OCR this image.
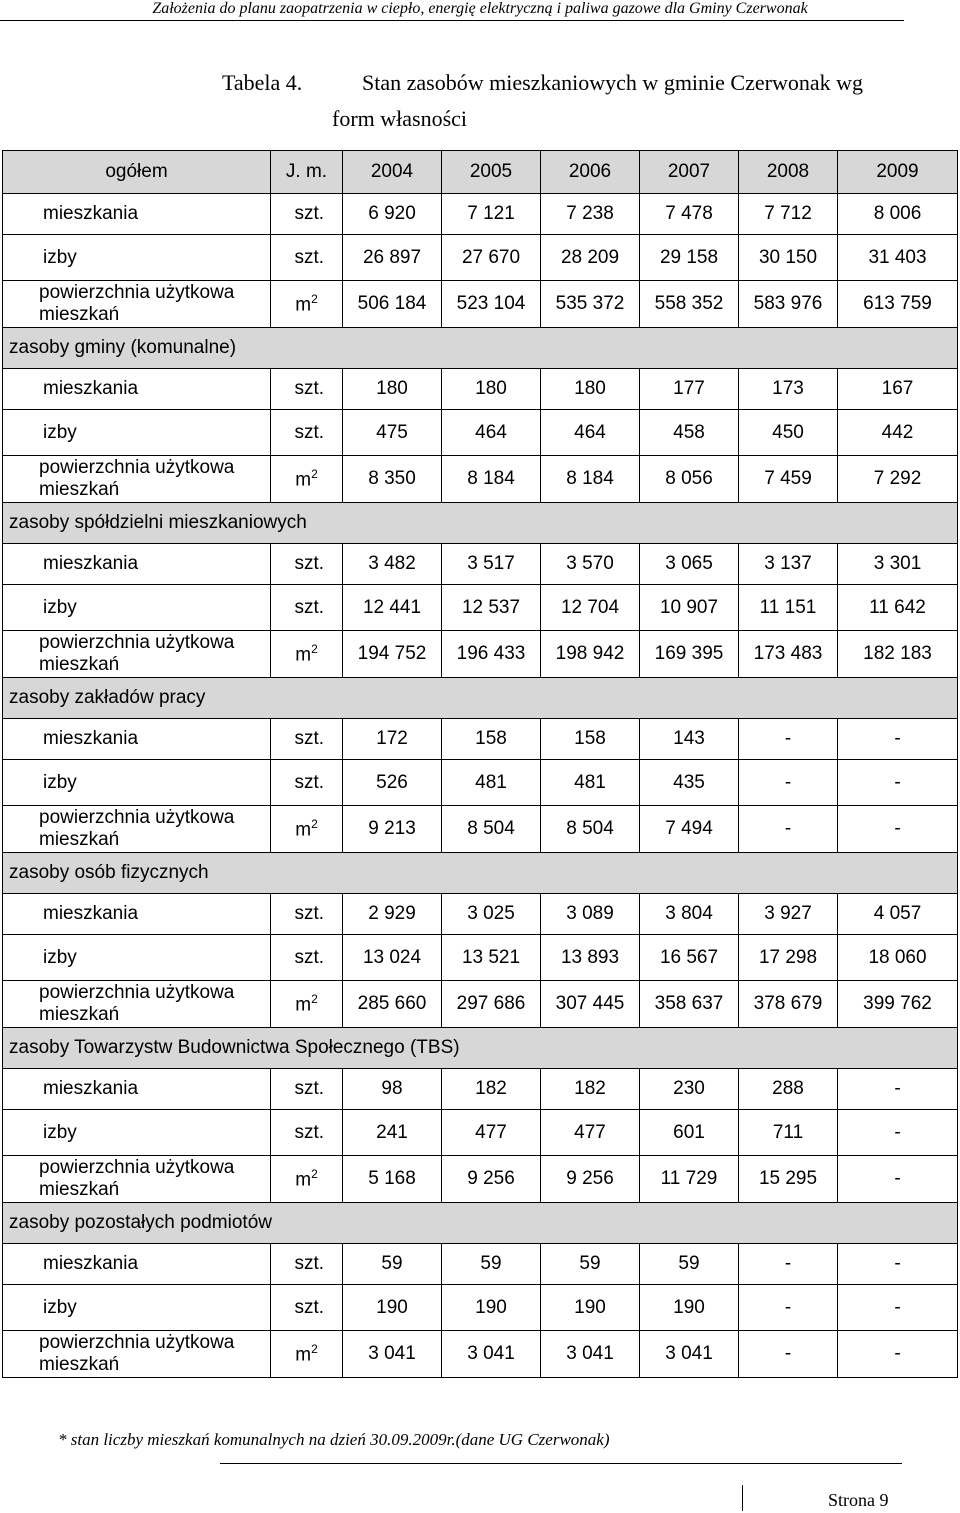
Założenia do planu zaopatrzenia w ciepło, energię elektryczną i paliwa gazowe dla Gminy Czerwonak
Tabela 4.	Stan zasobów mieszkaniowych w gminie Czerwonak wg
form własności
ogółem	J. m.	2004	2005	2006	2007	2008	2009
mieszkania	szt.	6 920	7 121	7 238	7 478	7 712	8 006
izby	szt.	26 897	27 670	28 209	29 158	30 150	31 403
powierzchnia użytkowa mieszkań	$m^2$	506 184	523 104	535 372	558 352	583 976	613 759
zasoby gminy (komunalne)							
mieszkania	szt.	180	180	180	177	173	167
izby	szt.	475	464	464	458	450	442
powierzchnia użytkowa mieszkań	$m^2$	8 350	8 184	8 184	8 056	7 459	7 292
zasoby spółdzielni mieszkaniowych							
mieszkania	szt.	3 482	3 517	3 570	3 065	3 137	3 301
izby	szt.	12 441	12 537	12 704	10 907	11 151	11 642
powierzchnia użytkowa mieszkań	$m^2$	194 752	196 433	198 942	169 395	173 483	182 183
zasoby zakładów pracy							
mieszkania	szt.	172	158	158	143	-	-
izby	szt.	526	481	481	435	-	-
powierzchnia użytkowa mieszkań	$m^2$	9 213	8 504	8 504	7 494	-	-
zasoby osób fizycznych							
mieszkania	szt.	2 929	3 025	3 089	3 804	3 927	4 057
izby	szt.	13 024	13 521	13 893	16 567	17 298	18 060
powierzchnia użytkowa mieszkań	$m^2$	285 660	297 686	307 445	358 637	378 679	399 762
zasoby Towarzystw Budownictwa Społecznego (TBS)							
mieszkania	szt.	98	182	182	230	288	-
izby	szt.	241	477	477	601	711	-
powierzchnia użytkowa mieszkań	$m^2$	5 168	9 256	9 256	11 729	15 295	-
zasoby pozostałych podmiotów							
mieszkania	szt.	59	59	59	59	-	-
izby	szt.	190	190	190	190	-	-
powierzchnia użytkowa mieszkań	$m^2$	3 041	3 041	3 041	3 041	-	-
* stan liczby mieszkań komunalnych na dzień 30.09.2009r.(dane UG Czerwonak)
Strona 9
